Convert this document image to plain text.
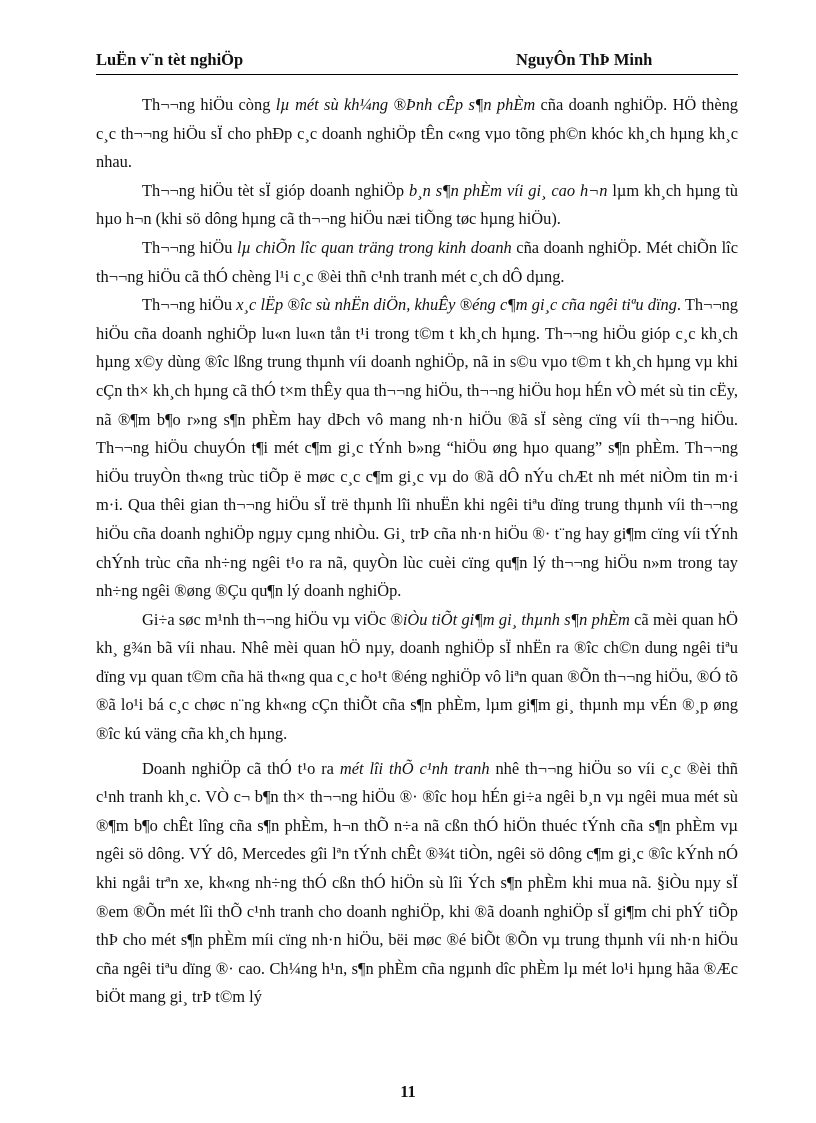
LuËn v¨n tèt nghiÖp	NguyÔn ThÞ Minh

Th¬¬ng hiÖu còng lµ mét sù kh¼ng ®Þnh cÊp s¶n phÈm cña doanh nghiÖp. HÖ thèng c¸c th¬¬ng hiÖu sÏ cho phÐp c¸c doanh nghiÖp tÊn c«ng vµo tõng ph©n khóc kh¸ch hµng kh¸c nhau.

Th¬¬ng hiÖu tèt sÏ gióp doanh nghiÖp b¸n s¶n phÈm víi gi¸ cao h¬n lµm kh¸ch hµng tù hµo h¬n (khi sö dông hµng cã th¬¬ng hiÖu næi tiÕng tøc hµng hiÖu).

Th¬¬ng hiÖu lµ chiÕn lîc quan träng trong kinh doanh cña doanh nghiÖp. Mét chiÕn lîc th¬¬ng hiÖu cã thÓ chèng l¹i c¸c ®èi thñ c¹nh tranh mét c¸ch dÔ dµng.

Th¬¬ng hiÖu x¸c lËp ®îc sù nhËn diÖn, khuÊy ®éng c¶m gi¸c cña ngêi tiªu dïng. Th¬¬ng hiÖu cña doanh nghiÖp lu«n lu«n tån t¹i trong t©m t kh¸ch hµng. Th¬¬ng hiÖu gióp c¸c kh¸ch hµng x©y dùng ®îc lßng trung thµnh víi doanh nghiÖp, nã in s©u vµo t©m t kh¸ch hµng vµ khi cÇn th× kh¸ch hµng cã thÓ t×m thÊy qua th¬¬ng hiÖu, th¬¬ng hiÖu hoµ hÉn vÒ mét sù tin cËy, nã ®¶m b¶o r»ng s¶n phÈm hay dÞch vô mang nh·n hiÖu ®ã sÏ sèng cïng víi th¬¬ng hiÖu. Th¬¬ng hiÖu chuyÓn t¶i mét c¶m gi¸c tÝnh b»ng “hiÖu øng hµo quang” s¶n phÈm. Th¬¬ng hiÖu truyÒn th«ng trùc tiÕp ë møc c¸c c¶m gi¸c vµ do ®ã dÔ nÝu chÆt nh mét niÒm tin m·i m·i. Qua thêi gian th¬¬ng hiÖu sÏ trë thµnh lîi nhuËn khi ngêi tiªu dïng trung thµnh víi th¬¬ng hiÖu cña doanh nghiÖp ngµy cµng nhiÒu. Gi¸ trÞ cña nh·n hiÖu ®· t¨ng hay gi¶m cïng víi tÝnh chÝnh trùc cña nh÷ng ngêi t¹o ra nã, quyÒn lùc cuèi cïng qu¶n lý th¬¬ng hiÖu n»m trong tay nh÷ng ngêi ®øng ®Çu qu¶n lý doanh nghiÖp.

Gi÷a søc m¹nh th¬¬ng hiÖu vµ viÖc ®iÒu tiÕt gi¶m gi¸ thµnh s¶n phÈm cã mèi quan hÖ kh¸ g¾n bã víi nhau. Nhê mèi quan hÖ nµy, doanh nghiÖp sÏ nhËn ra ®îc ch©n dung ngêi tiªu dïng vµ quan t©m cña hä th«ng qua c¸c ho¹t ®éng nghiÖp vô liªn quan ®Õn th¬¬ng hiÖu, ®Ó tõ ®ã lo¹i bá c¸c chøc n¨ng kh«ng cÇn thiÕt cña s¶n phÈm, lµm gi¶m gi¸ thµnh mµ vÉn ®¸p øng ®îc kú väng cña kh¸ch hµng.

Doanh nghiÖp cã thÓ t¹o ra mét lîi thÕ c¹nh tranh nhê th¬¬ng hiÖu so víi c¸c ®èi thñ c¹nh tranh kh¸c. VÒ c¬ b¶n th× th¬¬ng hiÖu ®· ®îc hoµ hÉn gi÷a ngêi b¸n vµ ngêi mua mét sù ®¶m b¶o chÊt lîng cña s¶n phÈm, h¬n thÕ n÷a nã cßn thÓ hiÖn thuéc tÝnh cña s¶n phÈm vµ ngêi sö dông. VÝ dô, Mercedes gîi lªn tÝnh chÊt ®¾t tiÒn, ngêi sö dông c¶m gi¸c ®îc kÝnh nÓ khi ngåi trªn xe, kh«ng nh÷ng thÓ cßn thÓ hiÖn sù lîi Ých s¶n phÈm khi mua nã. §iÒu nµy sÏ ®em ®Õn mét lîi thÕ c¹nh tranh cho doanh nghiÖp, khi ®ã doanh nghiÖp sÏ gi¶m chi phÝ tiÕp thÞ cho mét s¶n phÈm míi cïng nh·n hiÖu, bëi møc ®é biÕt ®Õn vµ trung thµnh víi nh·n hiÖu cña ngêi tiªu dïng ®· cao. Ch¼ng h¹n, s¶n phÈm cña ngµnh dîc phÈm lµ mét lo¹i hµng hãa ®Æc biÖt mang gi¸ trÞ t©m lý

11
